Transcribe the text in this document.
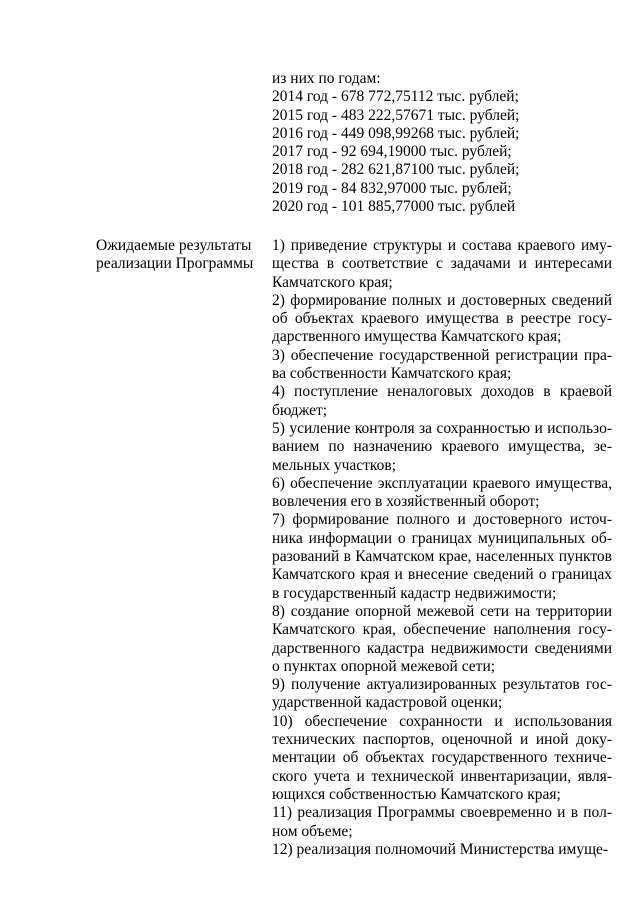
из них по годам:
2014 год - 678 772,75112 тыс. рублей;
2015 год - 483 222,57671 тыс. рублей;
2016 год - 449 098,99268 тыс. рублей;
2017 год - 92 694,19000 тыс. рублей;
2018 год - 282 621,87100 тыс. рублей;
2019 год - 84 832,97000 тыс. рублей;
2020 год - 101 885,77000 тыс. рублей
Ожидаемые результаты
реализации Программы

1) приведение структуры и состава краевого имущества в соответствие с задачами и интересами Камчатского края;

2) формирование полных и достоверных сведений об объектах краевого имущества в реестре государственного имущества Камчатского края;

3) обеспечение государственной регистрации права собственности Камчатского края;

4) поступление неналоговых доходов в краевой бюджет;

5) усиление контроля за сохранностью и использованием по назначению краевого имущества, земельных участков;

6) обеспечение эксплуатации краевого имущества, вовлечения его в хозяйственный оборот;

7) формирование полного и достоверного источника информации о границах муниципальных образований в Камчатском крае, населенных пунктов Камчатского края и внесение сведений о границах в государственный кадастр недвижимости;

8) создание опорной межевой сети на территории Камчатского края, обеспечение наполнения государственного кадастра недвижимости сведениями о пунктах опорной межевой сети;

9) получение актуализированных результатов государственной кадастровой оценки;

10) обеспечение сохранности и использования технических паспортов, оценочной и иной документации об объектах государственного технического учета и технической инвентаризации, являющихся собственностью Камчатского края;

11) реализация Программы своевременно и в полном объеме;

12) реализация полномочий Министерства имуще-
